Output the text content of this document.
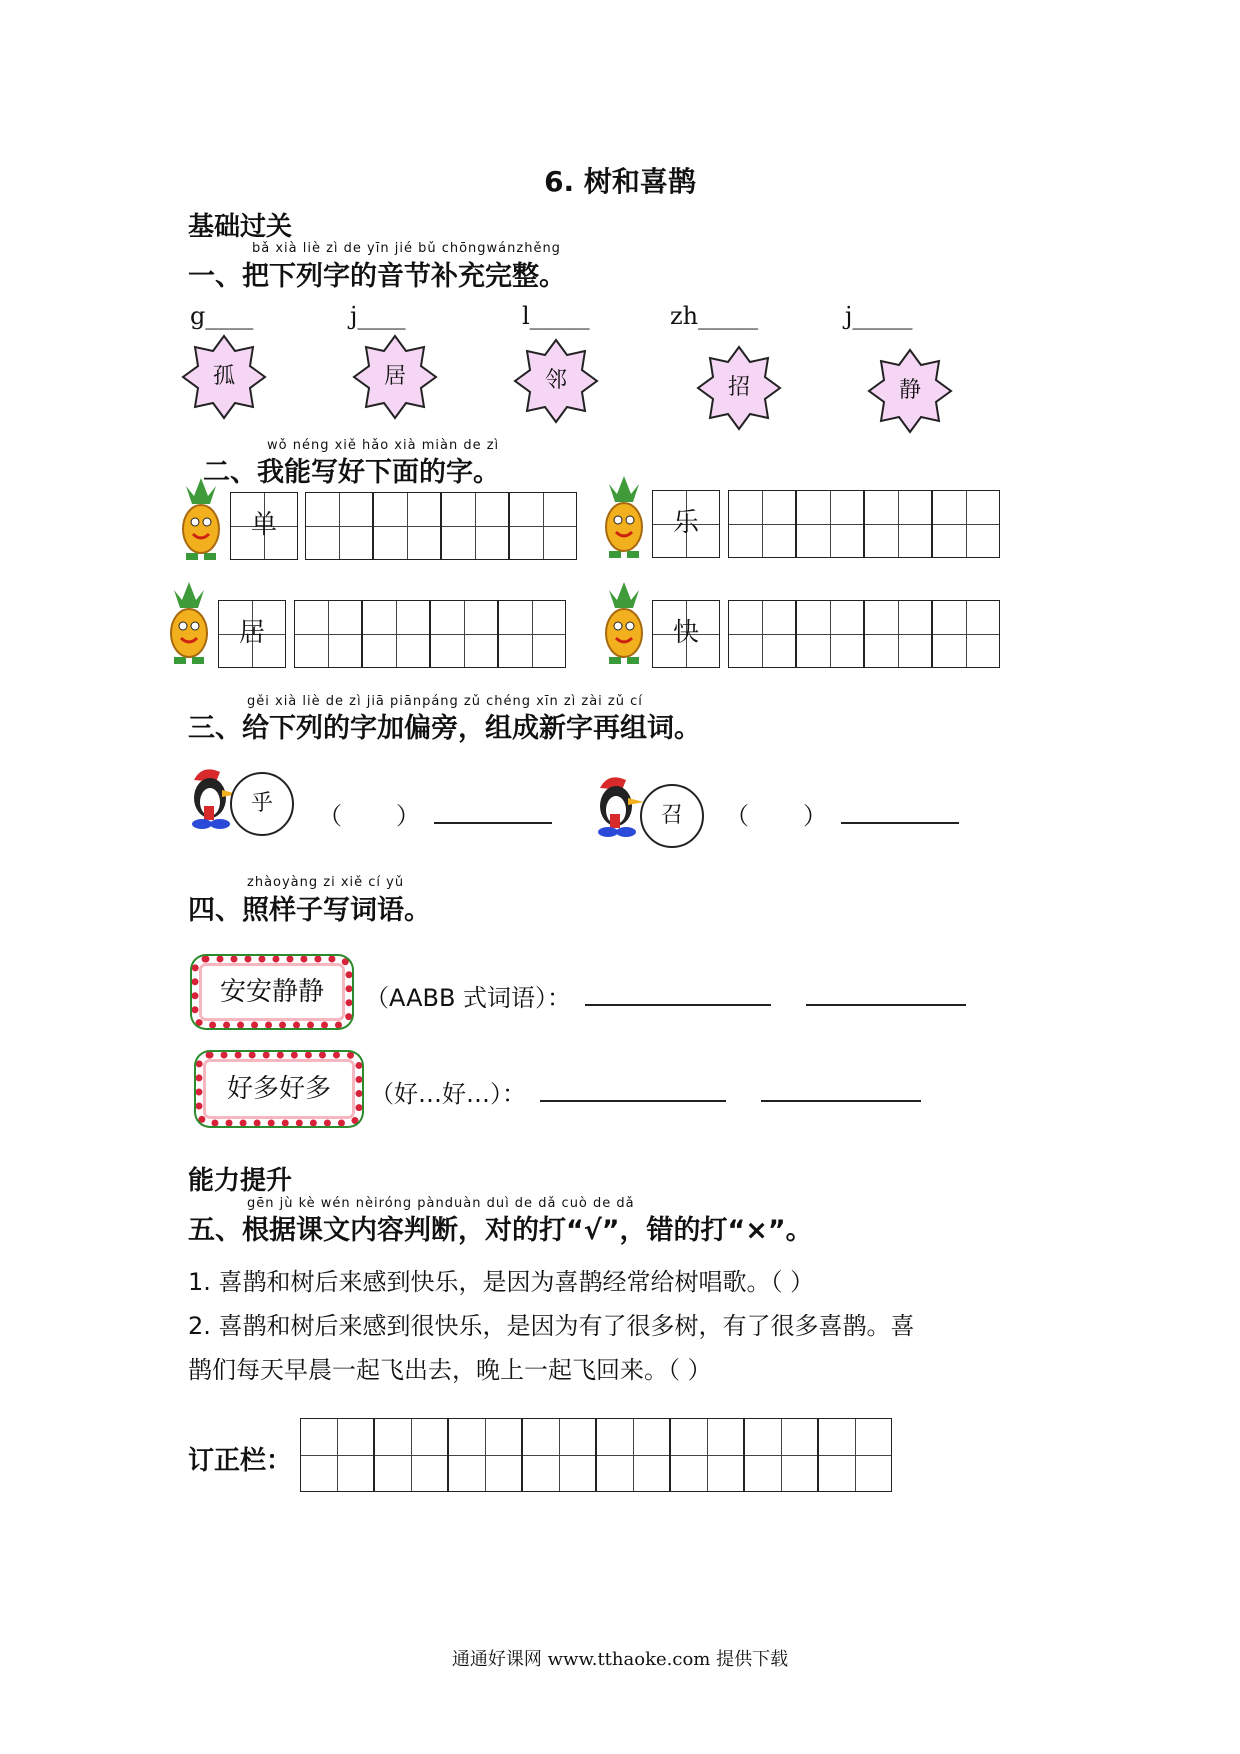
6. 树和喜鹊
基础过关
bǎ xià liè zì de yīn jié bǔ chōngwánzhěng
一、把下列字的音节补充完整。
g____	j____	l_____	zh_____	j_____
孤	居	邻	招	静
wǒ néng xiě hǎo xià miàn de zì
二、我能写好下面的字。
单	乐
居	快
gěi xià liè de zì jiā piānpáng zǔ chéng xīn zì zài zǔ cí
三、给下列的字加偏旁，组成新字再组词。
乎	（ ）	召	（ ）
zhàoyàng zi xiě cí yǔ
四、照样子写词语。
安安静静	（AABB 式词语）：
好多好多	（好…好…）：
能力提升
gēn jù kè wén nèiróng pànduàn duì de dǎ cuò de dǎ
五、根据课文内容判断，对的打“√”，错的打“×”。
1. 喜鹊和树后来感到快乐，是因为喜鹊经常给树唱歌。（ ）
2. 喜鹊和树后来感到很快乐，是因为有了很多树，有了很多喜鹊。喜
鹊们每天早晨一起飞出去，晚上一起飞回来。（ ）
订正栏：
通通好课网 www.tthaoke.com 提供下载
